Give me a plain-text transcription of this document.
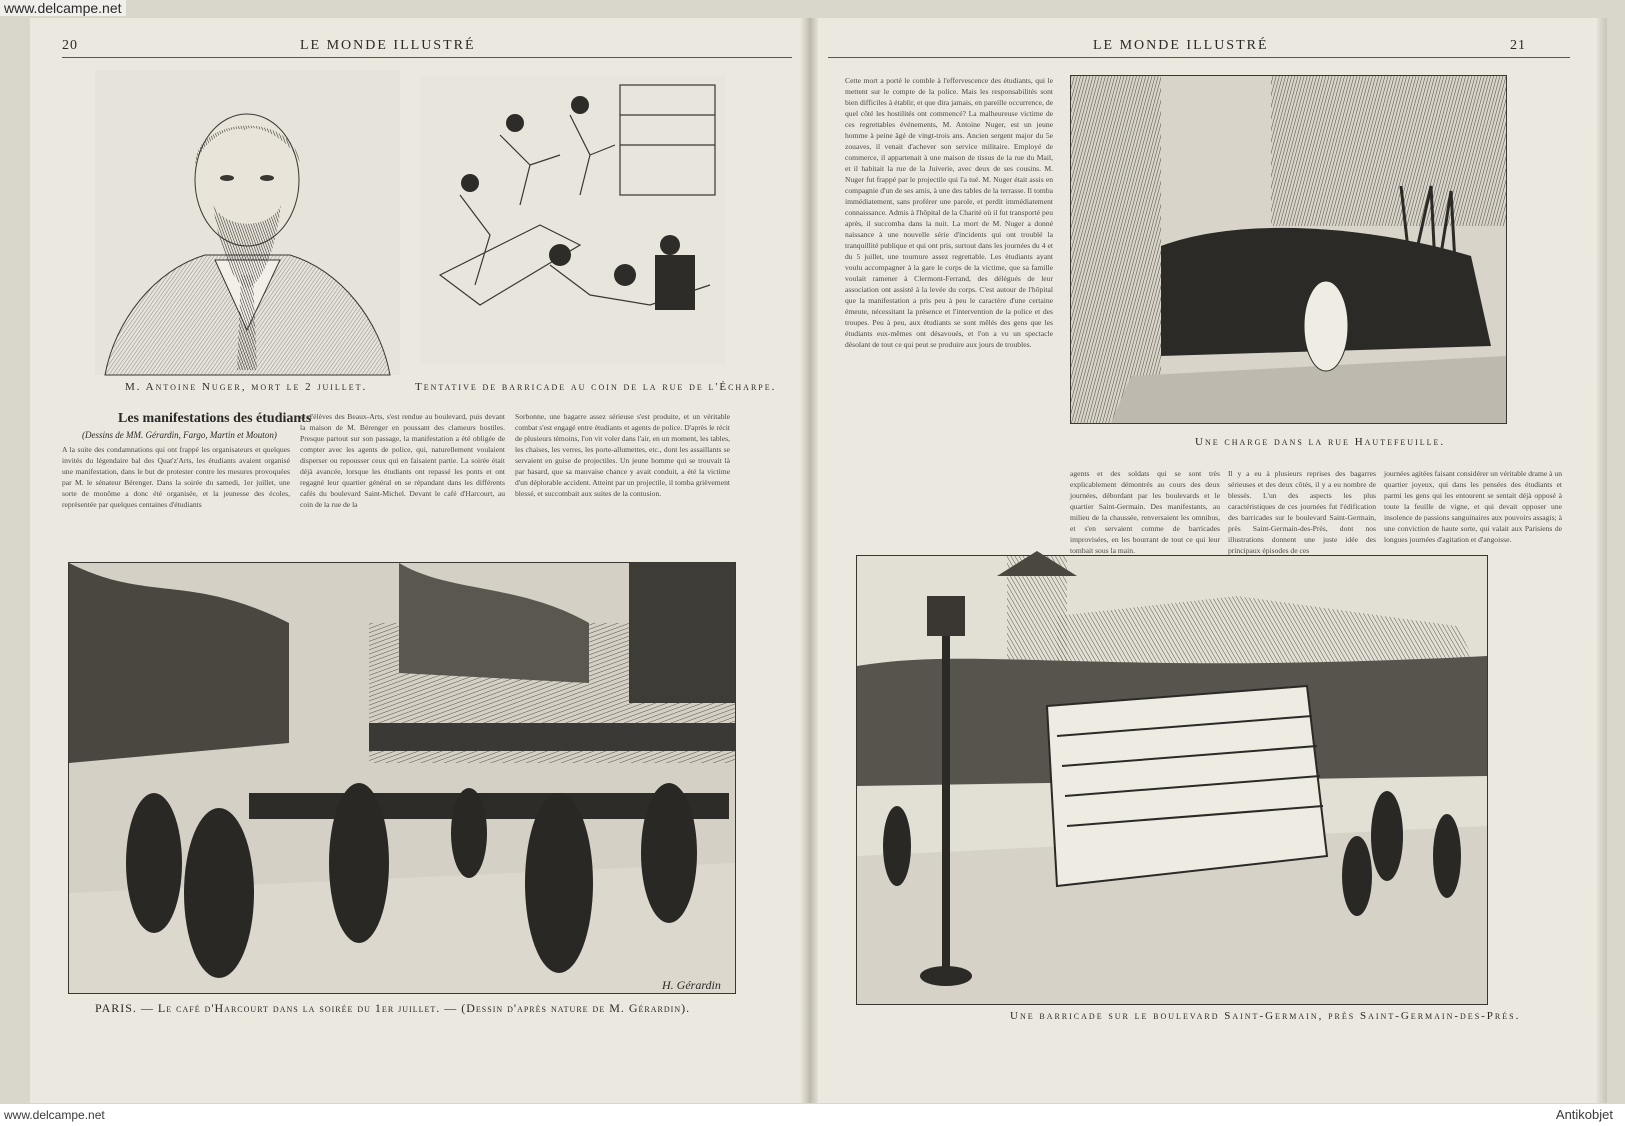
20	LE MONDE ILLUSTRÉ	LE MONDE ILLUSTRÉ	21
M. Antoine Nuger, mort le 2 juillet.	Tentative de barricade au coin de la rue de l'Écharpe.
Les manifestations des étudiants
(Dessins de MM. Gérardin, Fargo, Martin et Mouton)
A la suite des condamnations qui ont frappé les organisateurs et quelques invités du légendaire bal des Quat'z'Arts, les étudiants avaient organisé une manifestation, dans le but de protester contre les mesures provoquées par M. le sénateur Bérenger. Dans la soirée du samedi, 1er juillet, une sorte de monôme a donc été organisée, et la jeunesse des écoles, représentée par quelques centaines d'étudiants
et d'élèves des Beaux-Arts, s'est rendue au boulevard, puis devant la maison de M. Bérenger en poussant des clameurs hostiles. Presque partout sur son passage, la manifestation a été obligée de compter avec les agents de police, qui, naturellement voulaient disperser ou repousser ceux qui en faisaient partie. La soirée était déjà avancée, lorsque les étudiants ont repassé les ponts et ont regagné leur quartier général en se répandant dans les différents cafés du boulevard Saint-Michel. Devant le café d'Harcourt, au coin de la rue de la
Sorbonne, une bagarre assez sérieuse s'est produite, et un véritable combat s'est engagé entre étudiants et agents de police. D'après le récit de plusieurs témoins, l'on vit voler dans l'air, en un moment, les tables, les chaises, les verres, les porte-allumettes, etc., dont les assaillants se servaient en guise de projectiles. Un jeune homme qui se trouvait là par hasard, que sa mauvaise chance y avait conduit, a été la victime d'un déplorable accident. Atteint par un projectile, il tomba grièvement blessé, et succombait aux suites de la contusion.
H. Gérardin
PARIS. — Le café d'Harcourt dans la soirée du 1er juillet. — (Dessin d'après nature de M. Gérardin).
Cette mort a porté le comble à l'effervescence des étudiants, qui le mettent sur le compte de la police. Mais les responsabilités sont bien difficiles à établir, et que dira jamais, en pareille occurrence, de quel côté les hostilités ont commencé? La malheureuse victime de ces regrettables événements, M. Antoine Nuger, est un jeune homme à peine âgé de vingt-trois ans. Ancien sergent major du 5e zouaves, il venait d'achever son service militaire. Employé de commerce, il appartenait à une maison de tissus de la rue du Mail, et il habitait la rue de la Juiverie, avec deux de ses cousins. M. Nuger fut frappé par le projectile qui l'a tué. M. Nuger était assis en compagnie d'un de ses amis, à une des tables de la terrasse. Il tomba immédiatement, sans proférer une parole, et perdit immédiatement connaissance. Admis à l'hôpital de la Charité où il fut transporté peu après, il succomba dans la nuit. La mort de M. Nuger a donné naissance à une nouvelle série d'incidents qui ont troublé la tranquillité publique et qui ont pris, surtout dans les journées du 4 et du 5 juillet, une tournure assez regrettable. Les étudiants ayant voulu accompagner à la gare le corps de la victime, que sa famille voulait ramener à Clermont-Ferrand, des délégués de leur association ont assisté à la levée du corps. C'est autour de l'hôpital que la manifestation a pris peu à peu le caractère d'une certaine émeute, nécessitant la présence et l'intervention de la police et des troupes. Peu à peu, aux étudiants se sont mêlés des gens que les étudiants eux-mêmes ont désavoués, et l'on a vu un spectacle désolant de tout ce qui peut se produire aux jours de troubles.
Une charge dans la rue Hautefeuille.
agents et des soldats qui se sont très explicablement démontrés au cours des deux journées, débordant par les boulevards et le quartier Saint-Germain. Des manifestants, au milieu de la chaussée, renversaient les omnibus, et s'en servaient comme de barricades improvisées, en les bourrant de tout ce qui leur tombait sous la main.
Il y a eu à plusieurs reprises des bagarres sérieuses et des deux côtés, il y a eu nombre de blessés. L'un des aspects les plus caractéristiques de ces journées fut l'édification des barricades sur le boulevard Saint-Germain, près Saint-Germain-des-Prés, dont nos illustrations donnent une juste idée des principaux épisodes de ces
journées agitées faisant considérer un véritable drame à un quartier joyeux, qui dans les pensées des étudiants et parmi les gens qui les entourent se sentait déjà opposé à toute la feuille de vigne, et qui devait opposer une insolence de passions sanguinaires aux pouvoirs assagis; à une conviction de haute sorte, qui valait aux Parisiens de longues journées d'agitation et d'angoisse.
Une barricade sur le boulevard Saint-Germain, près Saint-Germain-des-Prés.
www.delcampe.net
www.delcampe.net	Antikobjet
